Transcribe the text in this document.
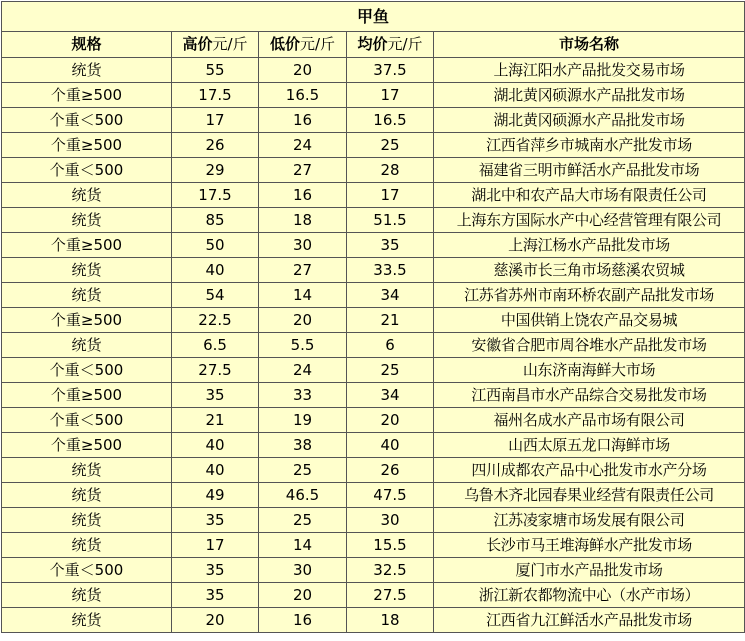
甲鱼				
规格	高价元/斤	低价元/斤	均价元/斤	市场名称
统货	55	20	37.5	上海江阳水产品批发交易市场
个重≥500	17.5	16.5	17	湖北黄冈硕源水产品批发市场
个重＜500	17	16	16.5	湖北黄冈硕源水产品批发市场
个重≥500	26	24	25	江西省萍乡市城南水产批发市场
个重＜500	29	27	28	福建省三明市鲜活水产品批发市场
统货	17.5	16	17	湖北中和农产品大市场有限责任公司
统货	85	18	51.5	上海东方国际水产中心经营管理有限公司
个重≥500	50	30	35	上海江杨水产品批发市场
统货	40	27	33.5	慈溪市长三角市场慈溪农贸城
统货	54	14	34	江苏省苏州市南环桥农副产品批发市场
个重≥500	22.5	20	21	中国供销上饶农产品交易城
统货	6.5	5.5	6	安徽省合肥市周谷堆水产品批发市场
个重＜500	27.5	24	25	山东济南海鲜大市场
个重≥500	35	33	34	江西南昌市水产品综合交易批发市场
个重＜500	21	19	20	福州名成水产品市场有限公司
个重≥500	40	38	40	山西太原五龙口海鲜市场
统货	40	25	26	四川成都农产品中心批发市水产分场
统货	49	46.5	47.5	乌鲁木齐北园春果业经营有限责任公司
统货	35	25	30	江苏凌家塘市场发展有限公司
统货	17	14	15.5	长沙市马王堆海鲜水产批发市场
个重＜500	35	30	32.5	厦门市水产品批发市场
统货	35	20	27.5	浙江新农都物流中心（水产市场）
统货	20	16	18	江西省九江鲜活水产品批发市场
